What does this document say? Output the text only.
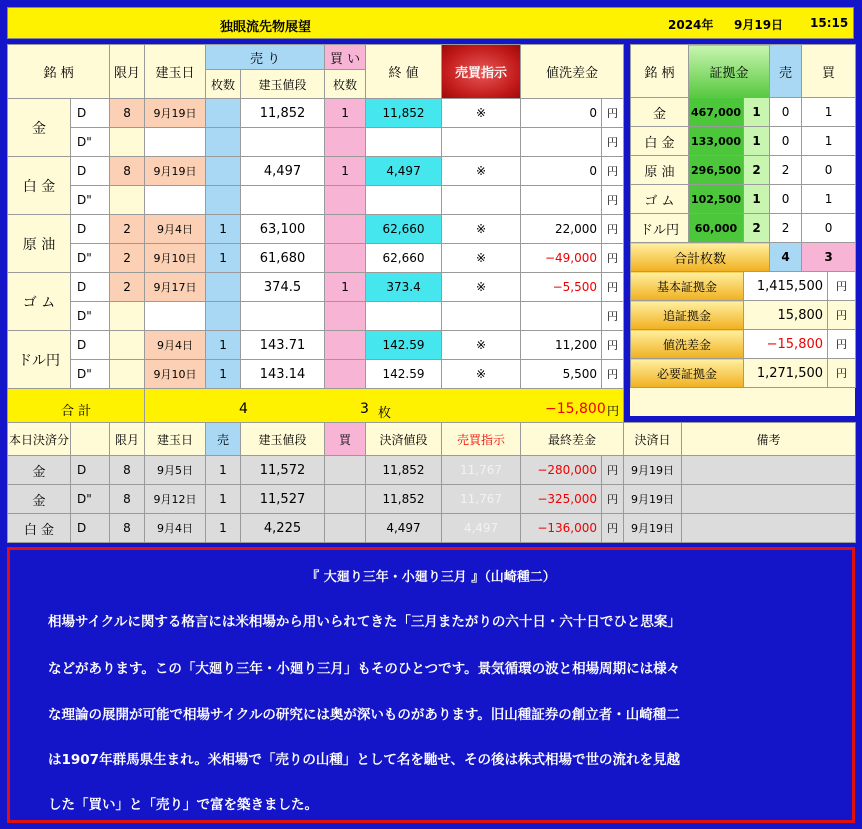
独眼流先物展望	2024年 9月19日 15:15
銘 柄		限月	建玉日	売 り		買 い	終 値	売買指示	値洗差金	
				枚数	建玉値段	枚数				
金	D	8	9月19日		11,852	1	11,852	※	0	円
	D"									円
白 金	D	8	9月19日		4,497	1	4,497	※	0	円
	D"									円
原 油	D	2	9月4日	1	63,100		62,660	※	22,000	円
	D"	2	9月10日	1	61,680		62,660	※	−49,000	円
ゴ ム	D	2	9月17日		374.5	1	373.4	※	−5,500	円
	D"									円
ドル円	D		9月4日	1	143.71		142.59	※	11,200	円
	D"		9月10日	1	143.14		142.59	※	5,500	円
合 計			4 3 枚 −15,800 円							
銘 柄	証拠金		売	買	
金	467,000	1	0	1	
白 金	133,000	1	0	1	
原 油	296,500	2	2	0	
ゴ ム	102,500	1	0	1	
ドル円	60,000	2	2	0	
合計枚数			4	3	
基本証拠金		1,415,500			円
追証拠金		15,800			円
値洗差金		−15,800			円
必要証拠金		1,271,500			円
本日決済分		限月	建玉日	売	建玉値段	買	決済値段	売買指示	最終差金		決済日	備考
金	D	8	9月5日	1	11,572		11,852	11,767	−280,000	円	9月19日	
金	D"	8	9月12日	1	11,527		11,852	11,767	−325,000	円	9月19日	
白 金	D	8	9月4日	1	4,225		4,497	4,497	−136,000	円	9月19日	
『 大廻り三年・小廻り三月 』（山崎種二）
相場サイクルに関する格言には米相場から用いられてきた「三月またがりの六十日・六十日でひと思案」
などがあります。この「大廻り三年・小廻り三月」もそのひとつです。景気循環の波と相場周期には様々
な理論の展開が可能で相場サイクルの研究には奥が深いものがあります。旧山種証券の創立者・山崎種二
は1907年群馬県生まれ。米相場で「売りの山種」として名を馳せ、その後は株式相場で世の流れを見越
した「買い」と「売り」で富を築きました。
